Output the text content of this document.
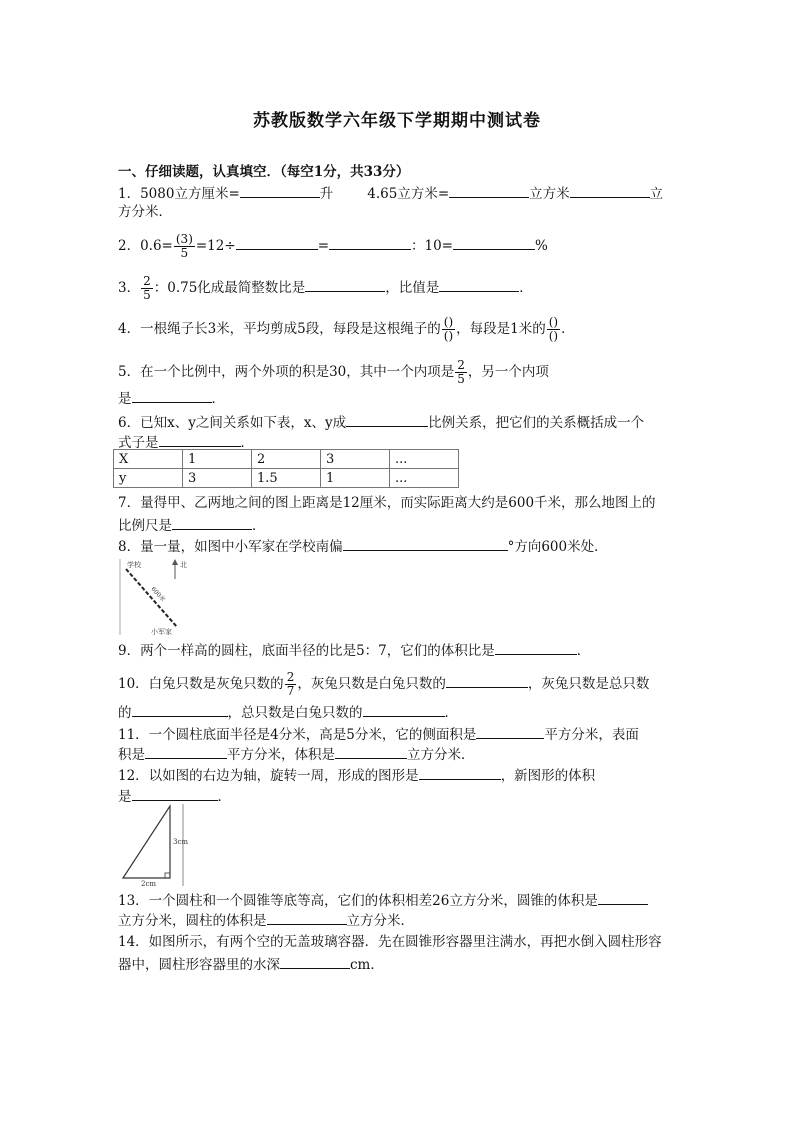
苏教版数学六年级下学期期中测试卷
一、仔细读题，认真填空．（每空1分，共33分）
1．5080立方厘米=	升	4.65立方米=	立方米	立
方分米．
2．$0.6= \frac{(3)}{5} =12\div$	=	：10=	%
3． $\frac{2}{5}$ ：0.75化成最简整数比是	，比值是	．
4．一根绳子长3米，平均剪成5段，每段是这根绳子的 $\frac{()}{()}$ ，每段是1米的 $\frac{()}{()}$ ．
5．在一个比例中，两个外项的积是30，其中一个内项是 $\frac{2}{5}$ ，另一个内项
是	．
6．已知x、y之间关系如下表，x、y成	比例关系，把它们的关系概括成一个
式子是	．
X	1	2	3	...
y	3	1.5	1	...
7．量得甲、乙两地之间的图上距离是12厘米，而实际距离大约是600千米，那么地图上的
比例尺是	．
8．量一量，如图中小军家在学校南偏	°方向600米处．
学校	北
600米
小军家
9．两个一样高的圆柱，底面半径的比是5：7，它们的体积比是	．
10．白兔只数是灰兔只数的 $\frac{2}{7}$ ，灰兔只数是白兔只数的	，灰兔只数是总只数
的	，总只数是白兔只数的	．
11．一个圆柱底面半径是4分米，高是5分米，它的侧面积是	平方分米，表面
积是	平方分米，体积是	立方分米．
12．以如图的右边为轴，旋转一周，形成的图形是	，新图形的体积
是	．
3cm
2cm
13．一个圆柱和一个圆锥等底等高，它们的体积相差26立方分米，圆锥的体积是
立方分米，圆柱的体积是	立方分米．
14．如图所示，有两个空的无盖玻璃容器．先在圆锥形容器里注满水，再把水倒入圆柱形容
器中，圆柱形容器里的水深	cm．
